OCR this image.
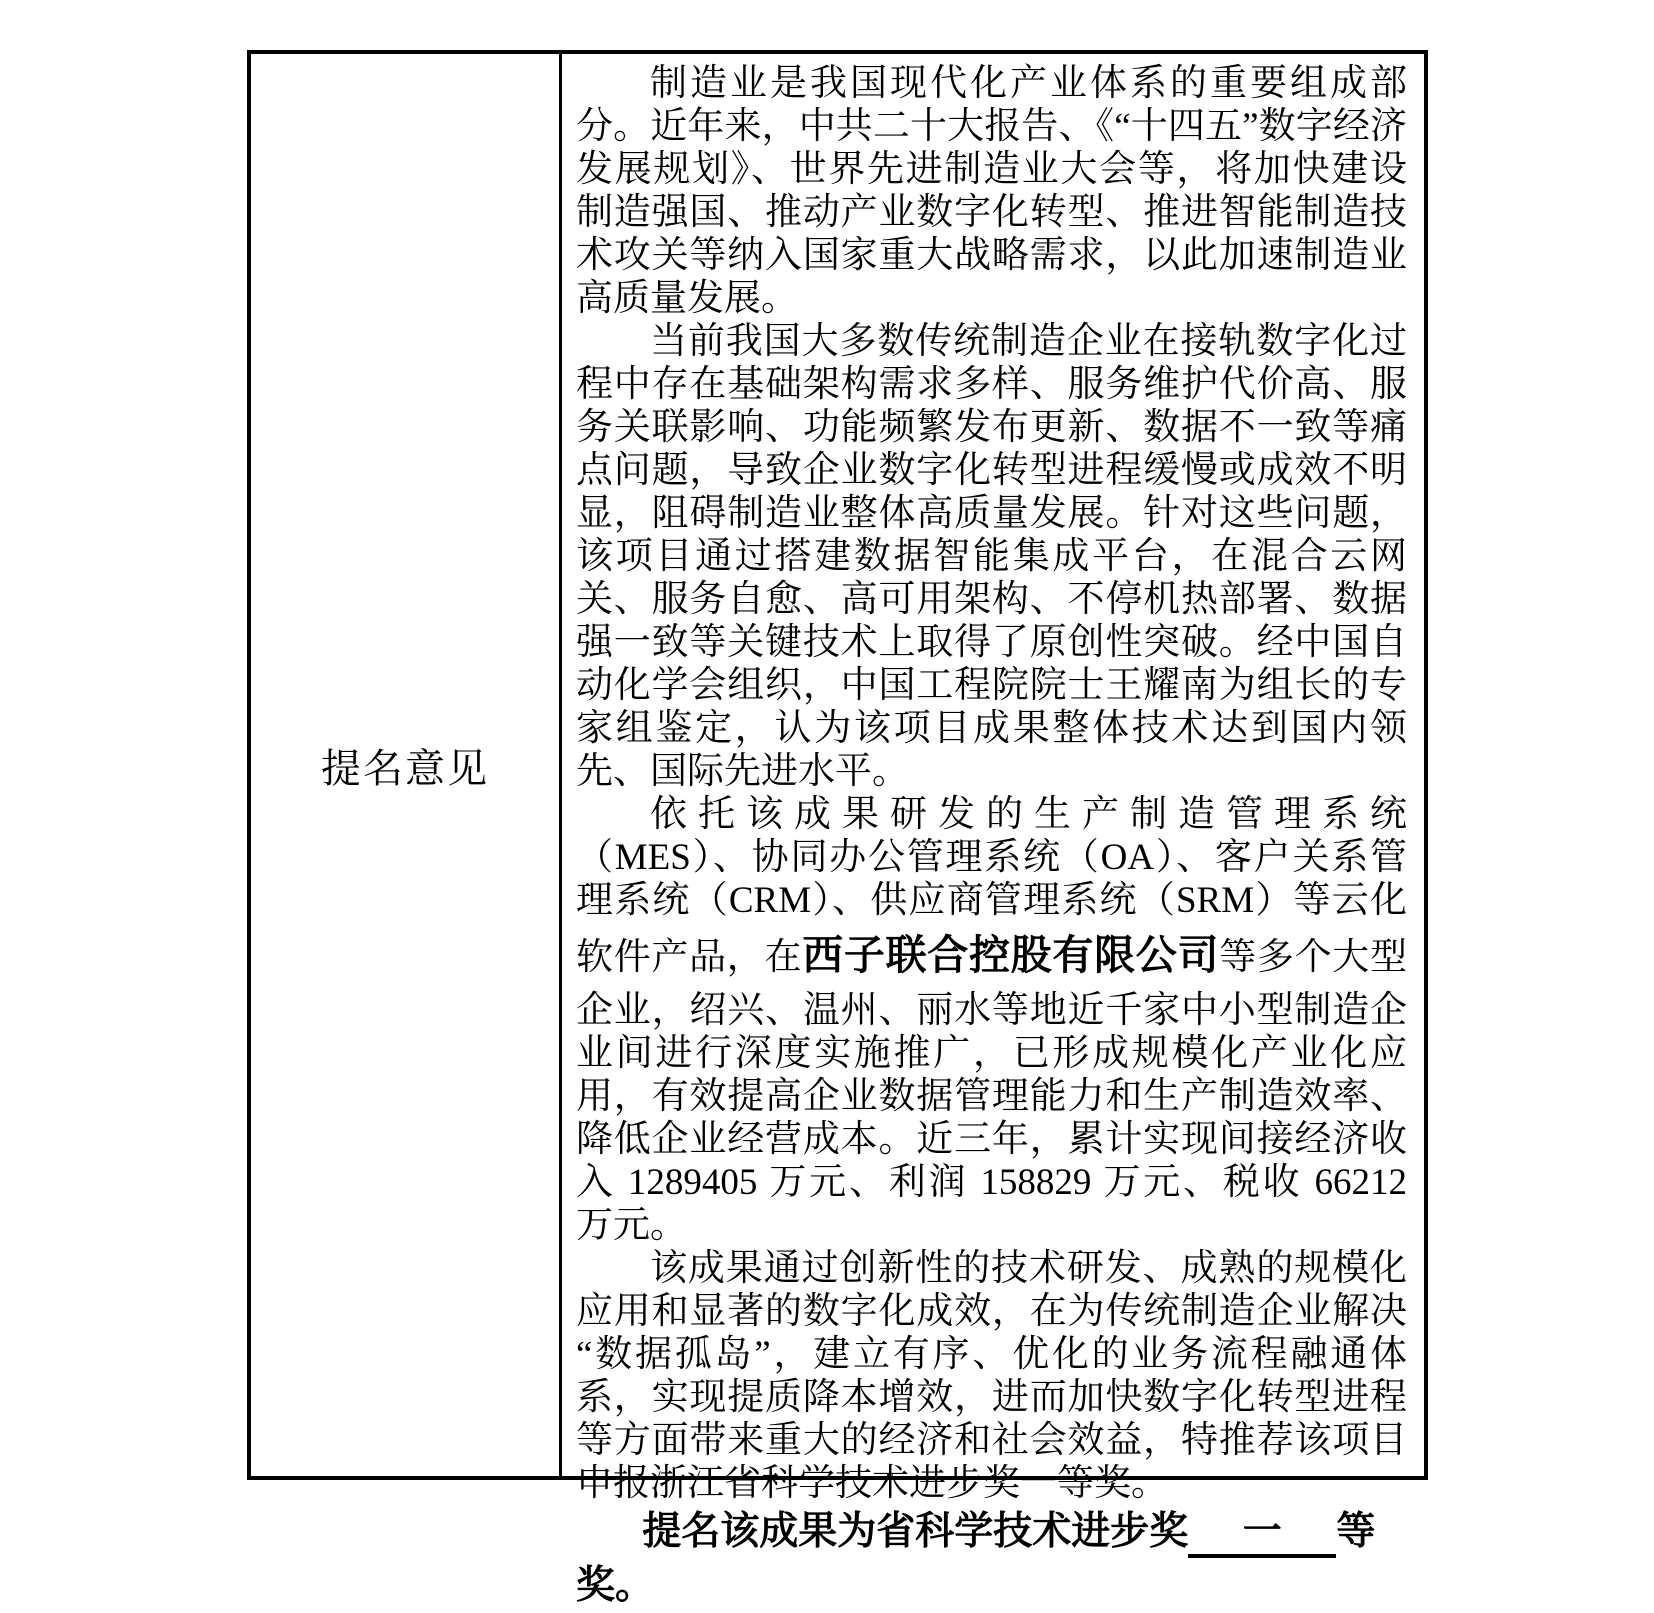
提名意见

制造业是我国现代化产业体系的重要组成部分。近年来，中共二十大报告、《“十四五”数字经济发展规划》、世界先进制造业大会等，将加快建设制造强国、推动产业数字化转型、推进智能制造技术攻关等纳入国家重大战略需求，以此加速制造业高质量发展。

当前我国大多数传统制造企业在接轨数字化过程中存在基础架构需求多样、服务维护代价高、服务关联影响、功能频繁发布更新、数据不一致等痛点问题，导致企业数字化转型进程缓慢或成效不明显，阻碍制造业整体高质量发展。针对这些问题，该项目通过搭建数据智能集成平台，在混合云网关、服务自愈、高可用架构、不停机热部署、数据强一致等关键技术上取得了原创性突破。经中国自动化学会组织，中国工程院院士王耀南为组长的专家组鉴定，认为该项目成果整体技术达到国内领先、国际先进水平。

依托该成果研发的生产制造管理系统（MES）、协同办公管理系统（OA）、客户关系管理系统（CRM）、供应商管理系统（SRM）等云化软件产品，在西子联合控股有限公司等多个大型企业，绍兴、温州、丽水等地近千家中小型制造企业间进行深度实施推广，已形成规模化产业化应用，有效提高企业数据管理能力和生产制造效率、降低企业经营成本。近三年，累计实现间接经济收入 1289405 万元、利润 158829 万元、税收 66212 万元。

该成果通过创新性的技术研发、成熟的规模化应用和显著的数字化成效，在为传统制造企业解决“数据孤岛”，建立有序、优化的业务流程融通体系，实现提质降本增效，进而加快数字化转型进程等方面带来重大的经济和社会效益，特推荐该项目申报浙江省科学技术进步奖一等奖。

提名该成果为省科学技术进步奖 一 等奖。
